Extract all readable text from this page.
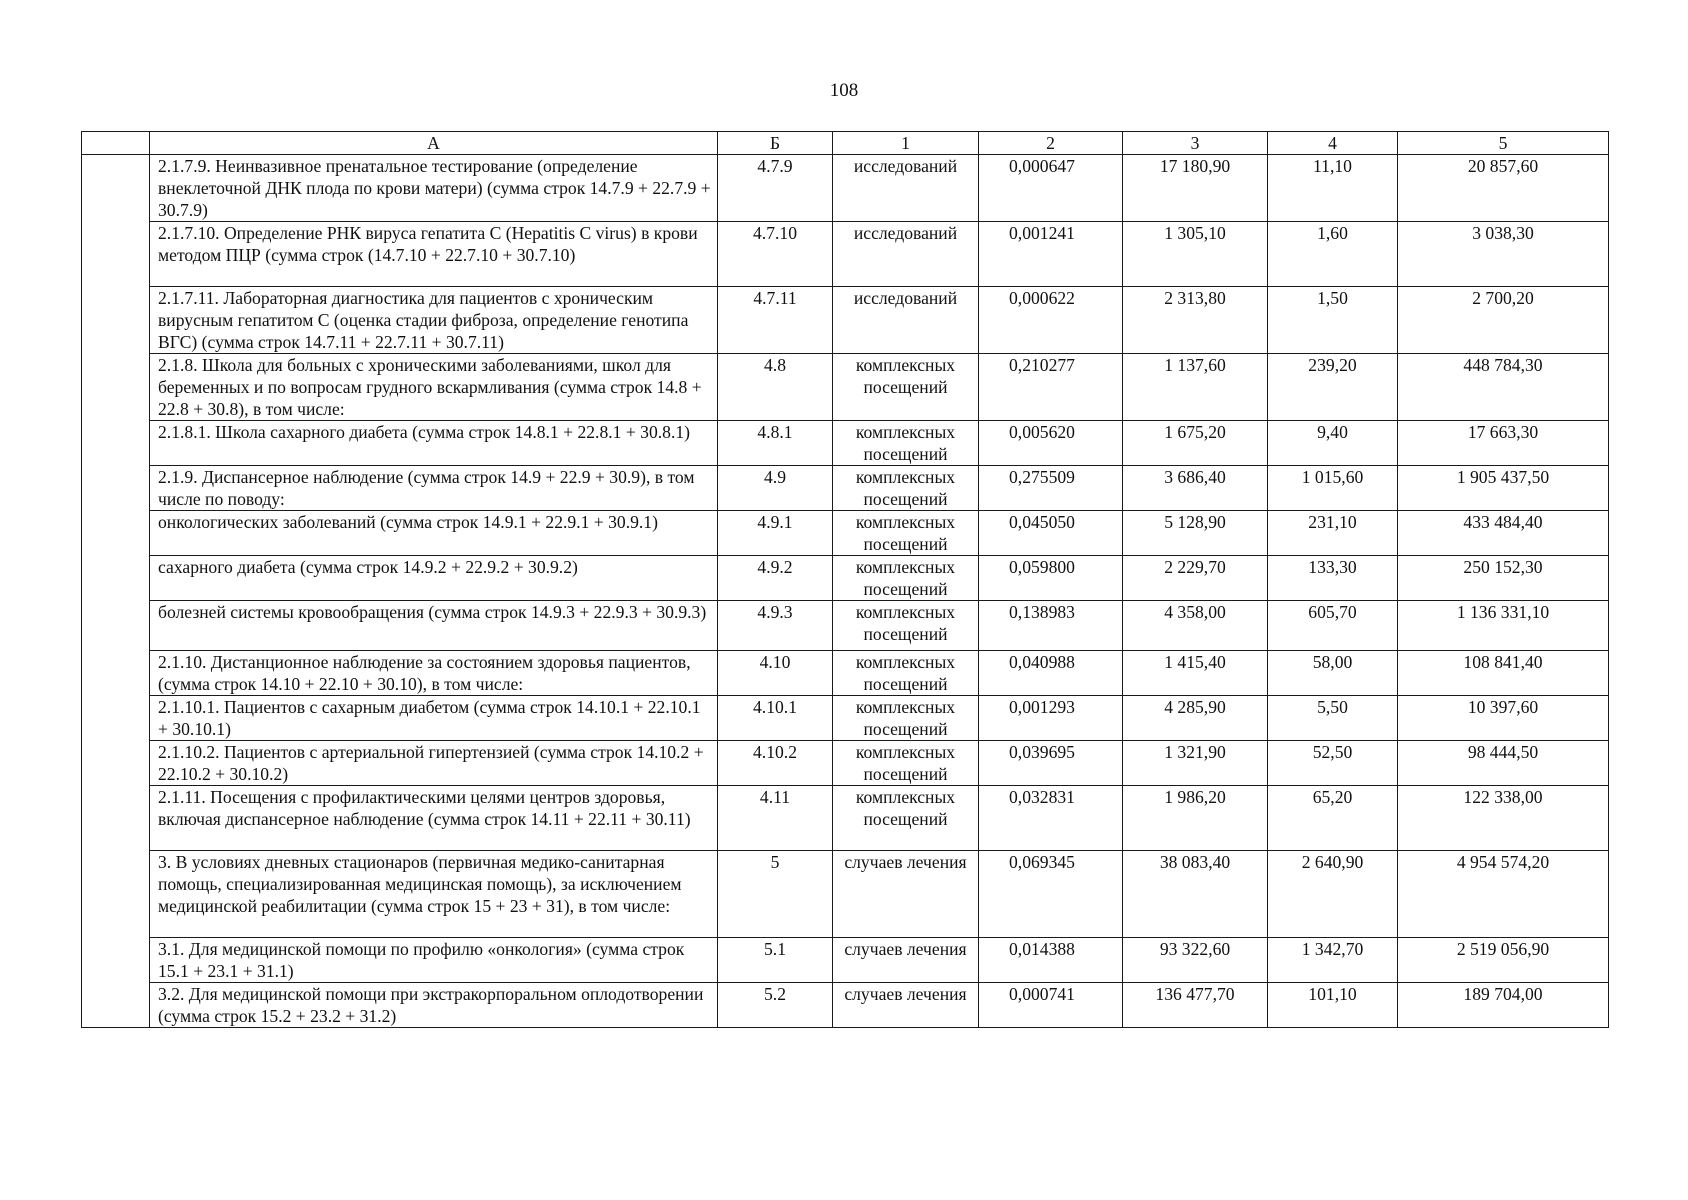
108
	А	Б	1	2	3	4	5
	2.1.7.9. Неинвазивное пренатальное тестирование (определение внеклеточной ДНК плода по крови матери) (сумма строк 14.7.9 + 22.7.9 + 30.7.9)	4.7.9	исследований	0,000647	17 180,90	11,10	20 857,60
	2.1.7.10. Определение РНК вируса гепатита С (Hepatitis C virus) в крови методом ПЦР (сумма строк (14.7.10 + 22.7.10 + 30.7.10)	4.7.10	исследований	0,001241	1 305,10	1,60	3 038,30
	2.1.7.11. Лабораторная диагностика для пациентов с хроническим вирусным гепатитом С (оценка стадии фиброза, определение генотипа ВГС) (сумма строк 14.7.11 + 22.7.11 + 30.7.11)	4.7.11	исследований	0,000622	2 313,80	1,50	2 700,20
	2.1.8. Школа для больных с хроническими заболеваниями, школ для беременных и по вопросам грудного вскармливания (сумма строк 14.8 + 22.8 + 30.8), в том числе:	4.8	комплексных посещений	0,210277	1 137,60	239,20	448 784,30
	2.1.8.1. Школа сахарного диабета (сумма строк 14.8.1 + 22.8.1 + 30.8.1)	4.8.1	комплексных посещений	0,005620	1 675,20	9,40	17 663,30
	2.1.9. Диспансерное наблюдение (сумма строк 14.9 + 22.9 + 30.9), в том числе по поводу:	4.9	комплексных посещений	0,275509	3 686,40	1 015,60	1 905 437,50
	онкологических заболеваний (сумма строк 14.9.1 + 22.9.1 + 30.9.1)	4.9.1	комплексных посещений	0,045050	5 128,90	231,10	433 484,40
	сахарного диабета (сумма строк 14.9.2 + 22.9.2 + 30.9.2)	4.9.2	комплексных посещений	0,059800	2 229,70	133,30	250 152,30
	болезней системы кровообращения (сумма строк 14.9.3 + 22.9.3 + 30.9.3)	4.9.3	комплексных посещений	0,138983	4 358,00	605,70	1 136 331,10
	2.1.10. Дистанционное наблюдение за состоянием здоровья пациентов, (сумма строк 14.10 + 22.10 + 30.10), в том числе:	4.10	комплексных посещений	0,040988	1 415,40	58,00	108 841,40
	2.1.10.1. Пациентов с сахарным диабетом (сумма строк 14.10.1 + 22.10.1 + 30.10.1)	4.10.1	комплексных посещений	0,001293	4 285,90	5,50	10 397,60
	2.1.10.2. Пациентов с артериальной гипертензией (сумма строк 14.10.2 + 22.10.2 + 30.10.2)	4.10.2	комплексных посещений	0,039695	1 321,90	52,50	98 444,50
	2.1.11. Посещения с профилактическими целями центров здоровья, включая диспансерное наблюдение (сумма строк 14.11 + 22.11 + 30.11)	4.11	комплексных посещений	0,032831	1 986,20	65,20	122 338,00
	3. В условиях дневных стационаров (первичная медико-санитарная помощь, специализированная медицинская помощь), за исключением медицинской реабилитации (сумма строк 15 + 23 + 31), в том числе:	5	случаев лечения	0,069345	38 083,40	2 640,90	4 954 574,20
	3.1. Для медицинской помощи по профилю «онкология» (сумма строк 15.1 + 23.1 + 31.1)	5.1	случаев лечения	0,014388	93 322,60	1 342,70	2 519 056,90
	3.2. Для медицинской помощи при экстракорпоральном оплодотворении (сумма строк 15.2 + 23.2 + 31.2)	5.2	случаев лечения	0,000741	136 477,70	101,10	189 704,00
